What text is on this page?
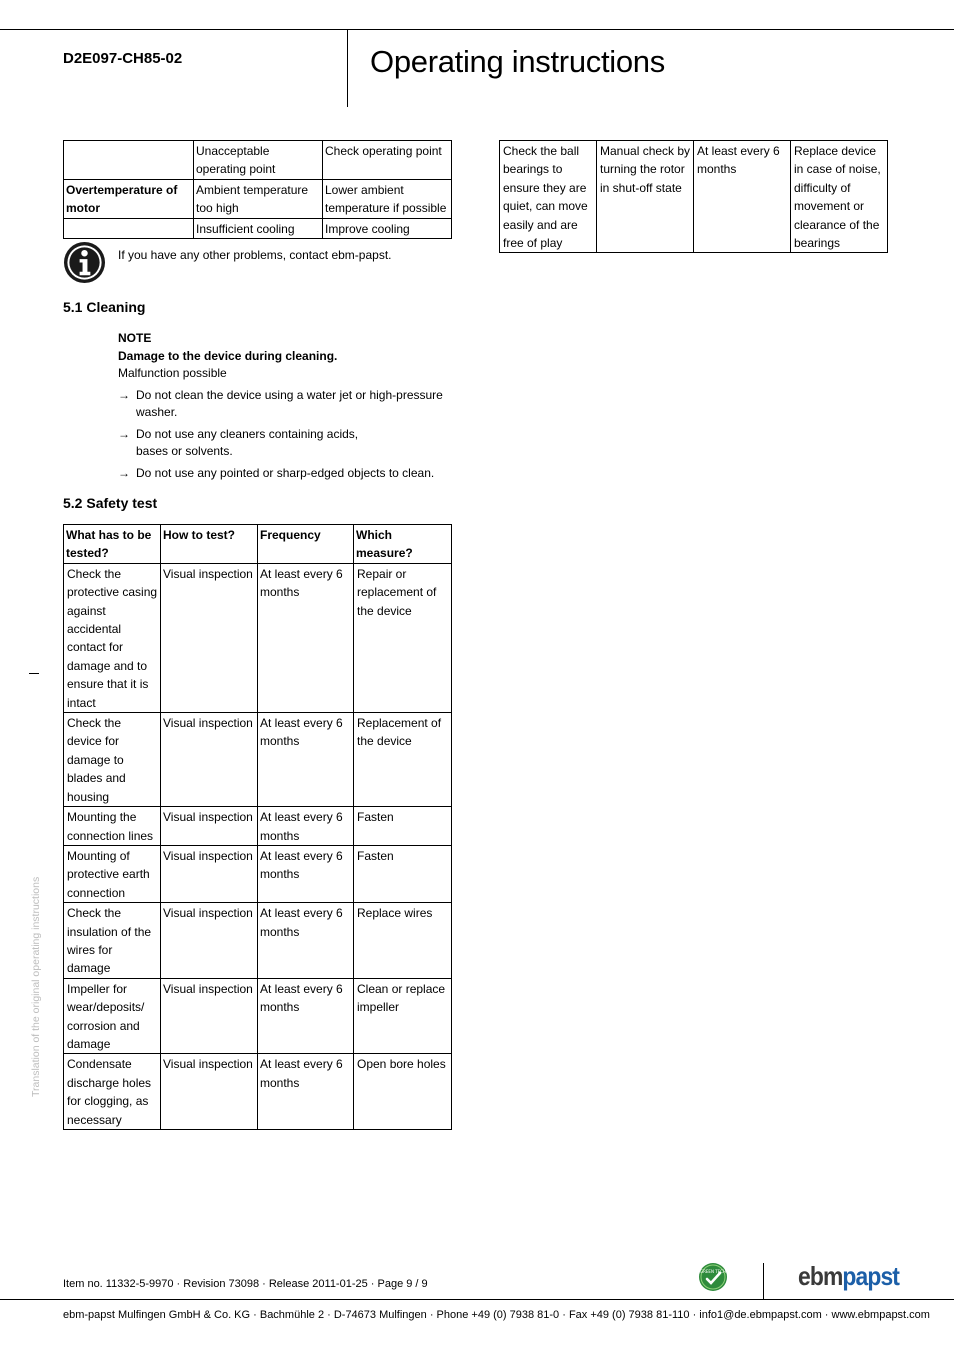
D2E097-CH85-02	Operating instructions
	Unacceptable operating point	Check operating point
Overtemperature of motor	Ambient temperature too high	Lower ambient temperature if possible
	Insufficient cooling	Improve cooling
If you have any other problems, contact ebm-papst.
5.1 Cleaning
NOTE
Damage to the device during cleaning.
Malfunction possible
→ Do not clean the device using a water jet or high-pressure washer.
→ Do not use any cleaners containing acids, bases or solvents.
→ Do not use any pointed or sharp-edged objects to clean.
5.2 Safety test
What has to be tested?	How to test?	Frequency	Which measure?
Check the protective casing against accidental contact for damage and to ensure that it is intact	Visual inspection	At least every 6 months	Repair or replacement of the device
Check the device for damage to blades and housing	Visual inspection	At least every 6 months	Replacement of the device
Mounting the connection lines	Visual inspection	At least every 6 months	Fasten
Mounting of protective earth connection	Visual inspection	At least every 6 months	Fasten
Check the insulation of the wires for damage	Visual inspection	At least every 6 months	Replace wires
Impeller for wear/deposits/ corrosion and damage	Visual inspection	At least every 6 months	Clean or replace impeller
Condensate discharge holes for clogging, as necessary	Visual inspection	At least every 6 months	Open bore holes
Check the ball bearings to ensure they are quiet, can move easily and are free of play	Manual check by turning the rotor in shut-off state	At least every 6 months	Replace device in case of noise, difficulty of movement or clearance of the bearings
Translation of the original operating instructions
Item no. 11332-5-9970 · Revision 73098 · Release 2011-01-25 · Page 9 / 9
GREEN TECH	ebmpapst
ebm-papst Mulfingen GmbH & Co. KG · Bachmühle 2 · D-74673 Mulfingen · Phone +49 (0) 7938 81-0 · Fax +49 (0) 7938 81-110 · info1@de.ebmpapst.com · www.ebmpapst.com
